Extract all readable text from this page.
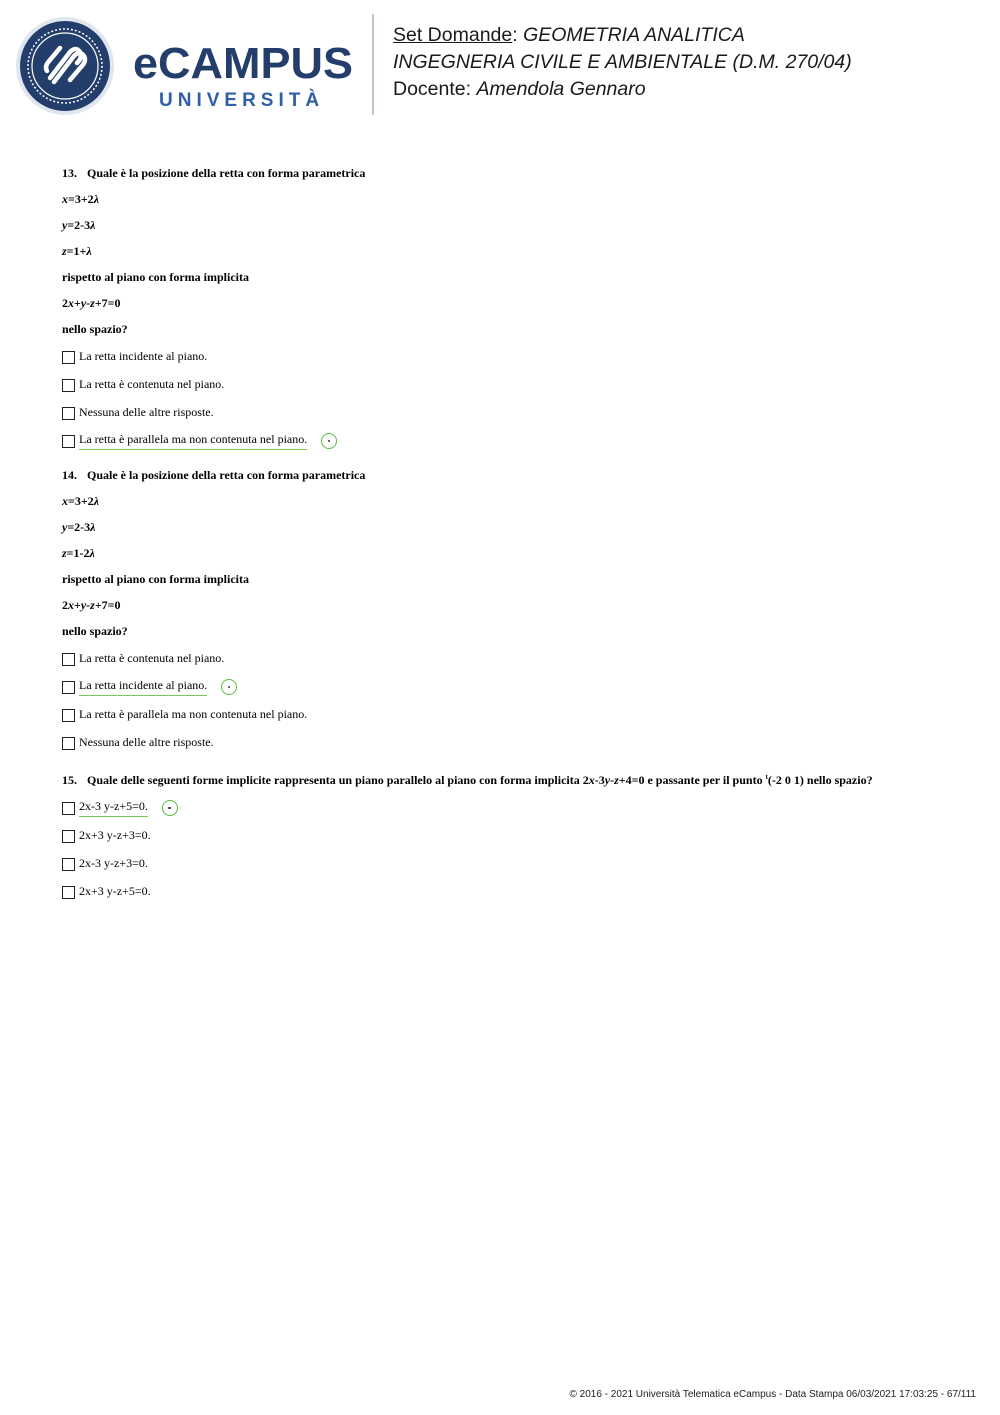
eCAMPUS
UNIVERSITÀ
Set Domande: GEOMETRIA ANALITICA
INGEGNERIA CIVILE E AMBIENTALE (D.M. 270/04)
Docente: Amendola Gennaro
13. Quale è la posizione della retta con forma parametrica
x=3+2λ
y=2-3λ
z=1+λ
rispetto al piano con forma implicita
2x+y-z+7=0
nello spazio?
La retta incidente al piano.
La retta è contenuta nel piano.
Nessuna delle altre risposte.
La retta è parallela ma non contenuta nel piano.
14. Quale è la posizione della retta con forma parametrica
x=3+2λ
y=2-3λ
z=1-2λ
rispetto al piano con forma implicita
2x+y-z+7=0
nello spazio?
La retta è contenuta nel piano.
La retta incidente al piano.
La retta è parallela ma non contenuta nel piano.
Nessuna delle altre risposte.
15. Quale delle seguenti forme implicite rappresenta un piano parallelo al piano con forma implicita 2x-3y-z+4=0 e passante per il punto $^t$(-2 0 1) nello spazio?
2x-3 y-z+5=0.
2x+3 y-z+3=0.
2x-3 y-z+3=0.
2x+3 y-z+5=0.
© 2016 - 2021 Università Telematica eCampus - Data Stampa 06/03/2021 17:03:25 - 67/111
